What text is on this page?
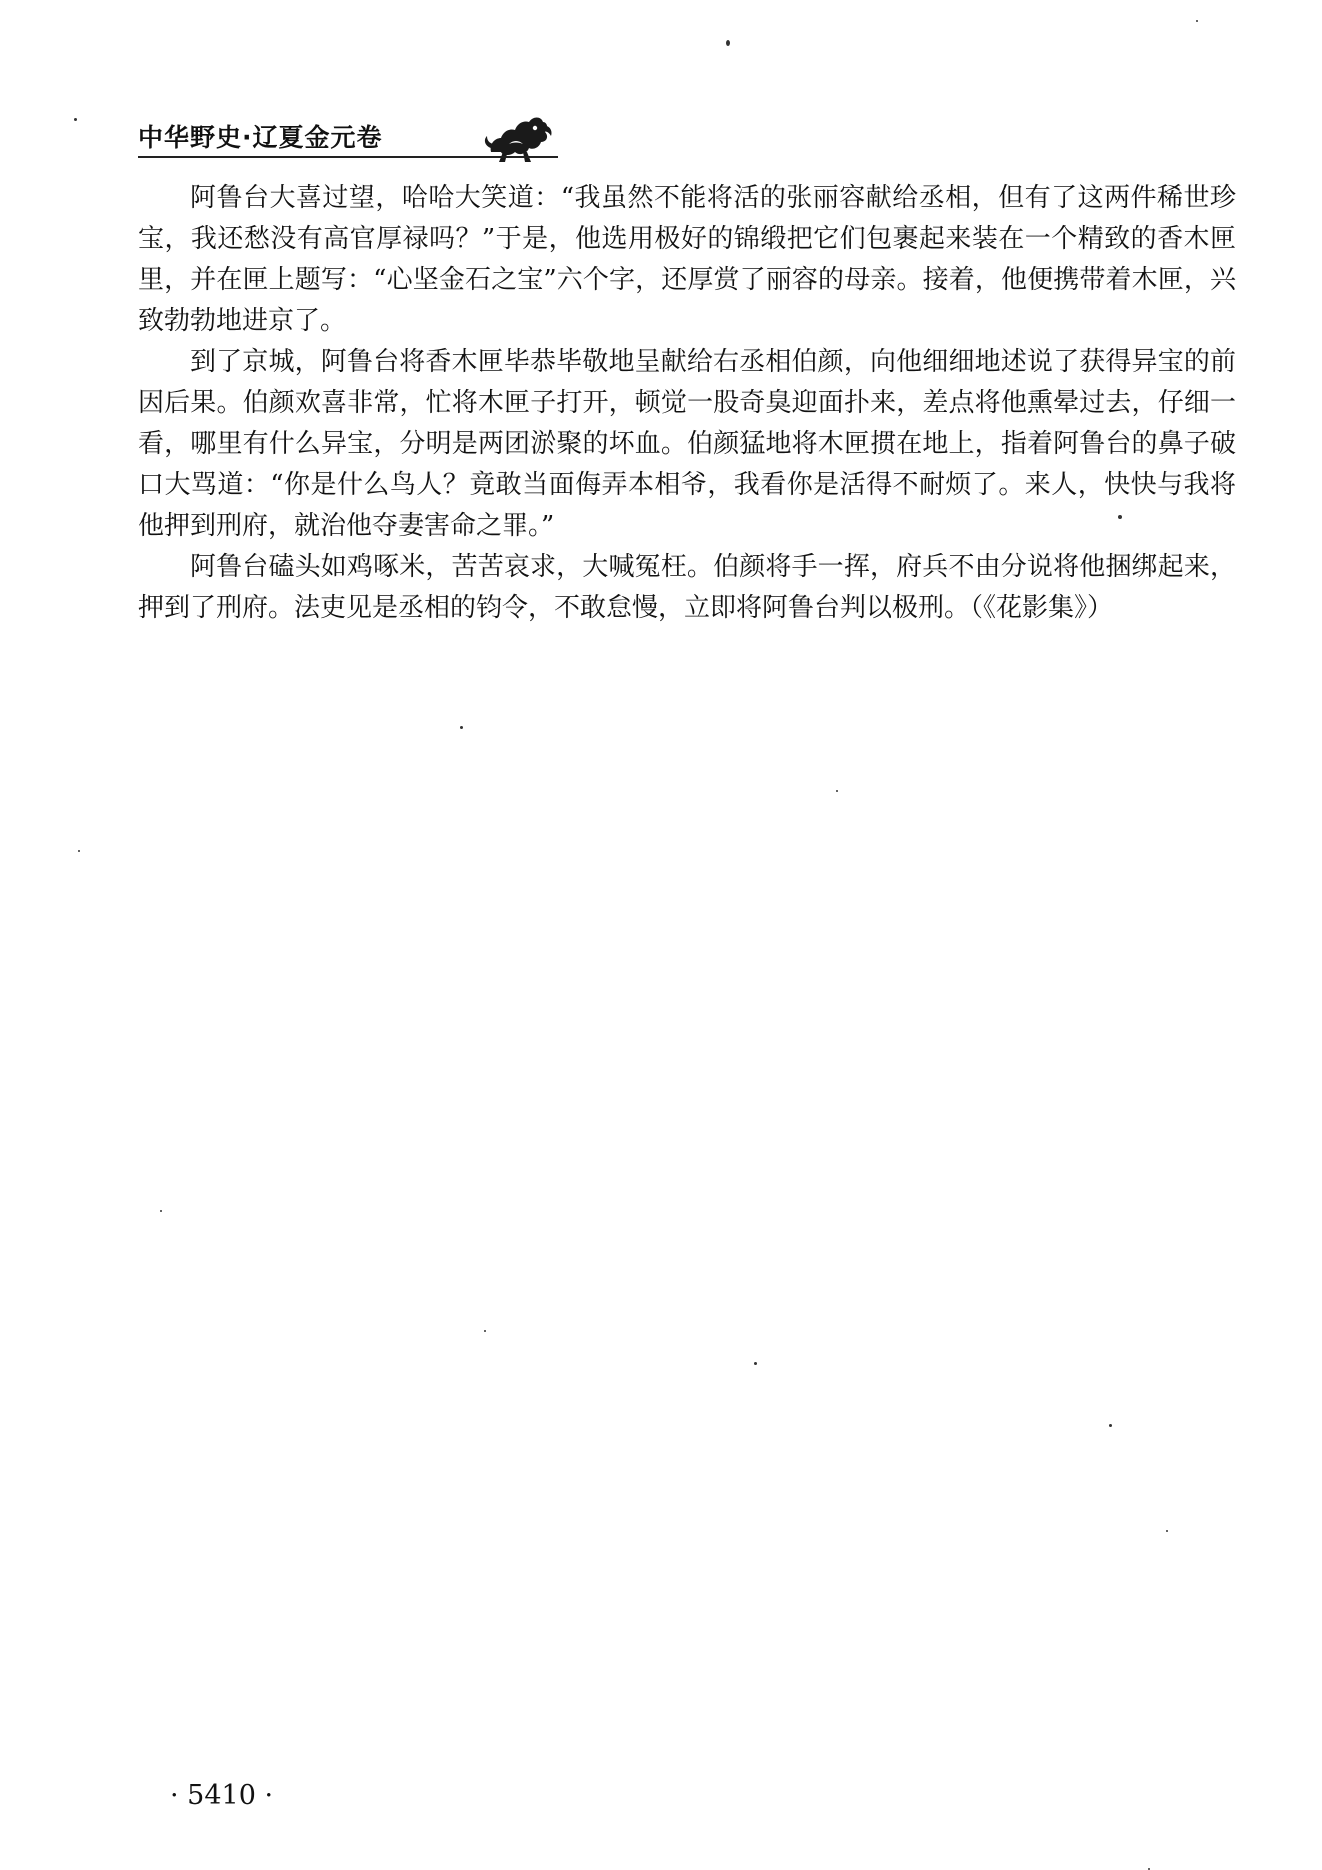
中华野史·辽夏金元卷

阿鲁台大喜过望，哈哈大笑道：“我虽然不能将活的张丽容献给丞相，但有了这两件稀世珍宝，我还愁没有高官厚禄吗？”于是，他选用极好的锦缎把它们包裹起来装在一个精致的香木匣里，并在匣上题写：“心坚金石之宝”六个字，还厚赏了丽容的母亲。接着，他便携带着木匣，兴致勃勃地进京了。

到了京城，阿鲁台将香木匣毕恭毕敬地呈献给右丞相伯颜，向他细细地述说了获得异宝的前因后果。伯颜欢喜非常，忙将木匣子打开，顿觉一股奇臭迎面扑来，差点将他熏晕过去，仔细一看，哪里有什么异宝，分明是两团淤聚的坏血。伯颜猛地将木匣掼在地上，指着阿鲁台的鼻子破口大骂道：“你是什么鸟人？竟敢当面侮弄本相爷，我看你是活得不耐烦了。来人，快快与我将他押到刑府，就治他夺妻害命之罪。”

阿鲁台磕头如鸡啄米，苦苦哀求，大喊冤枉。伯颜将手一挥，府兵不由分说将他捆绑起来，押到了刑府。法吏见是丞相的钧令，不敢怠慢，立即将阿鲁台判以极刑。（《花影集》）

· 5410 ·
